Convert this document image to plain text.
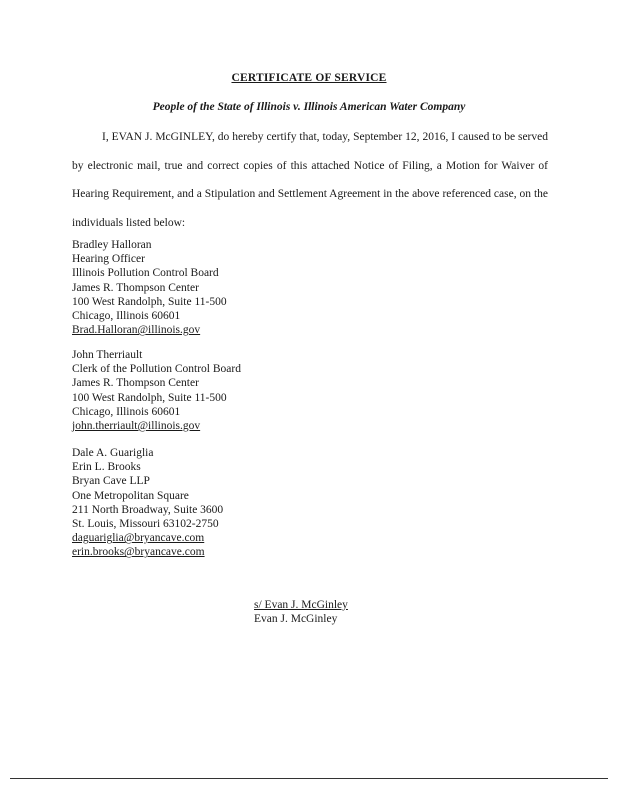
CERTIFICATE OF SERVICE
People of the State of Illinois v. Illinois American Water Company

I, EVAN J. McGINLEY, do hereby certify that, today, September 12, 2016, I caused to be served by electronic mail, true and correct copies of this attached Notice of Filing, a Motion for Waiver of Hearing Requirement, and a Stipulation and Settlement Agreement in the above referenced case, on the individuals listed below:

Bradley Halloran
Hearing Officer
Illinois Pollution Control Board
James R. Thompson Center
100 West Randolph, Suite 11-500
Chicago, Illinois 60601
Brad.Halloran@illinois.gov
John Therriault
Clerk of the Pollution Control Board
James R. Thompson Center
100 West Randolph, Suite 11-500
Chicago, Illinois 60601
john.therriault@illinois.gov
Dale A. Guariglia
Erin L. Brooks
Bryan Cave LLP
One Metropolitan Square
211 North Broadway, Suite 3600
St. Louis, Missouri 63102-2750
daguariglia@bryancave.com
erin.brooks@bryancave.com
s/ Evan J. McGinley
Evan J. McGinley
